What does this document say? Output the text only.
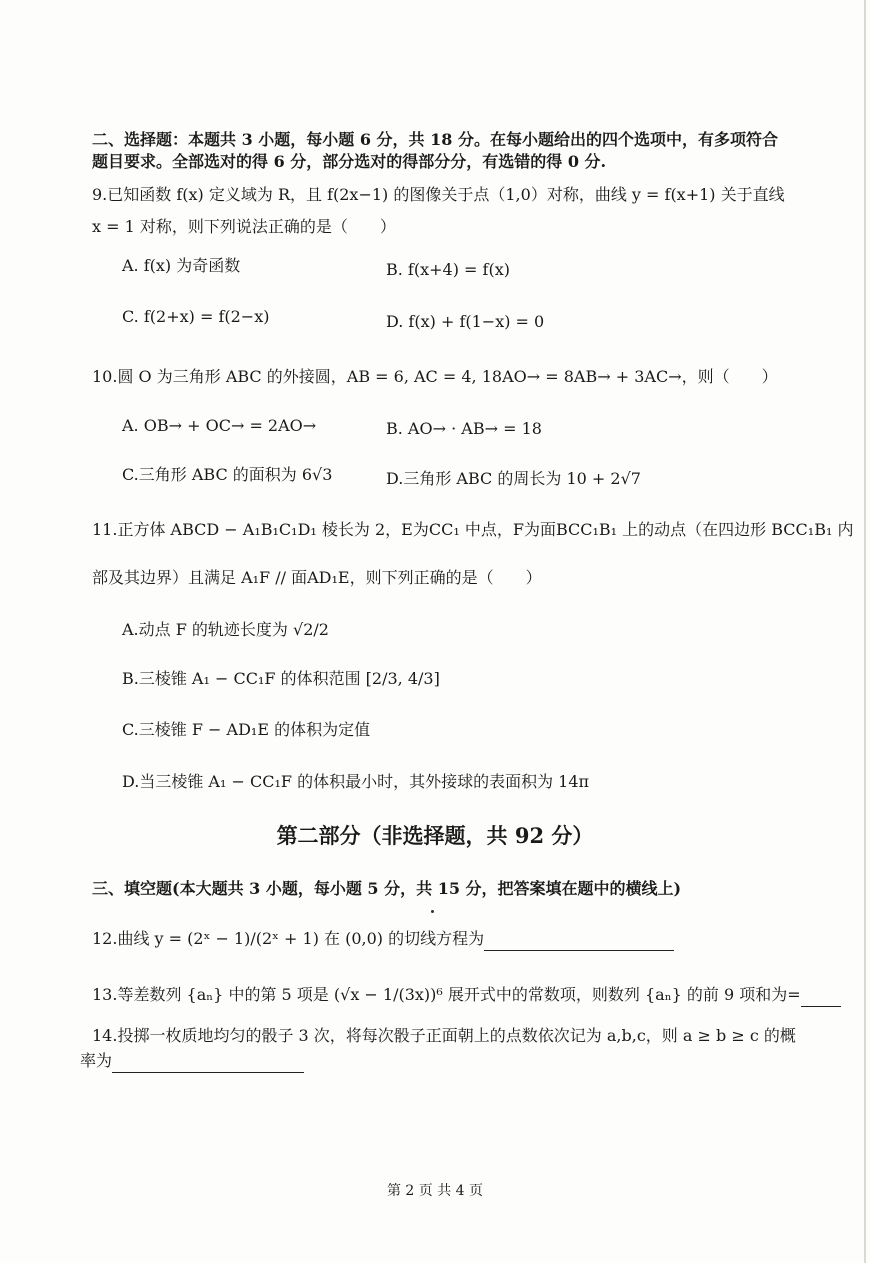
二、选择题：本题共 3 小题，每小题 6 分，共 18 分。在每小题给出的四个选项中，有多项符合
题目要求。全部选对的得 6 分，部分选对的得部分分，有选错的得 0 分.
9.已知函数 f(x) 定义域为 R，且 f(2x−1) 的图像关于点（1,0）对称，曲线 y = f(x+1) 关于直线
x = 1 对称，则下列说法正确的是（　　）
A. f(x) 为奇函数	B. f(x+4) = f(x)
C. f(2+x) = f(2−x)	D. f(x) + f(1−x) = 0
10.圆 O 为三角形 ABC 的外接圆，AB = 6, AC = 4, 18AO→ = 8AB→ + 3AC→，则（　　）
A. OB→ + OC→ = 2AO→	B. AO→ · AB→ = 18
C.三角形 ABC 的面积为 6√3	D.三角形 ABC 的周长为 10 + 2√7
11.正方体 ABCD − A₁B₁C₁D₁ 棱长为 2，E为CC₁ 中点，F为面BCC₁B₁ 上的动点（在四边形 BCC₁B₁ 内
部及其边界）且满足 A₁F // 面AD₁E，则下列正确的是（　　）
A.动点 F 的轨迹长度为 √2/2
B.三棱锥 A₁ − CC₁F 的体积范围 [2/3, 4/3]
C.三棱锥 F − AD₁E 的体积为定值
D.当三棱锥 A₁ − CC₁F 的体积最小时，其外接球的表面积为 14π
第二部分（非选择题，共 92 分）
三、填空题(本大题共 3 小题，每小题 5 分，共 15 分，把答案填在题中的横线上)
12.曲线 y = (2ˣ − 1)/(2ˣ + 1) 在 (0,0) 的切线方程为
13.等差数列 {aₙ} 中的第 5 项是 (√x − 1/(3x))⁶ 展开式中的常数项，则数列 {aₙ} 的前 9 项和为=
14.投掷一枚质地均匀的骰子 3 次，将每次骰子正面朝上的点数依次记为 a,b,c，则 a ≥ b ≥ c 的概
率为
第 2 页 共 4 页
